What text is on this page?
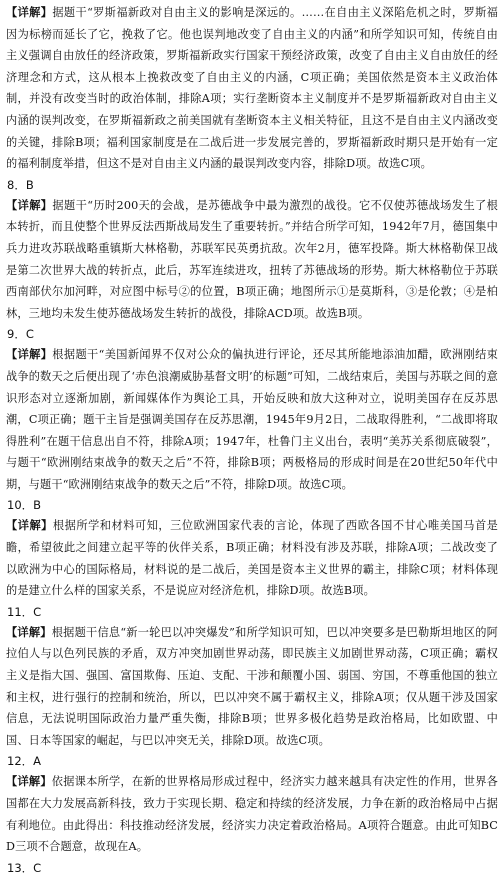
【详解】据题干“罗斯福新政对自由主义的影响是深远的。……在自由主义深陷危机之时，罗斯福因为标榜而延长了它，挽救了它。他也误判地改变了自由主义的内涵”和所学知识可知，传统自由主义强调自由放任的经济政策，罗斯福新政实行国家干预经济政策，改变了自由主义自由放任的经济理念和方式，这从根本上挽救改变了自由主义的内涵，C项正确；美国依然是资本主义政治体制，并没有改变当时的政治体制，排除A项；实行垄断资本主义制度并不是罗斯福新政对自由主义内涵的误判改变，在罗斯福新政之前美国就有垄断资本主义相关特征，且这不是自由主义内涵改变的关键，排除B项；福利国家制度是在二战后进一步发展完善的，罗斯福新政时期只是开始有一定的福利制度举措，但这不是对自由主义内涵的最误判改变内容，排除D项。故选C项。

8．B

【详解】据题干“历时200天的会战，是苏德战争中最为激烈的战役。它不仅使苏德战场发生了根本转折，而且使整个世界反法西斯战局发生了重要转折。”并结合所学可知，1942年7月，德国集中兵力进攻苏联战略重镇斯大林格勒，苏联军民英勇抗敌。次年2月，德军投降。斯大林格勒保卫战是第二次世界大战的转折点，此后，苏军连续进攻，扭转了苏德战场的形势。斯大林格勒位于苏联西南部伏尔加河畔，对应图中标号②的位置，B项正确；地图所示①是莫斯科，③是伦敦；④是柏林，三地均未发生使苏德战场发生转折的战役，排除ACD项。故选B项。

9．C

【详解】根据题干“美国新闻界不仅对公众的偏执进行评论，还尽其所能地添油加醋，欧洲刚结束战争的数天之后便出现了‘赤色浪潮威胁基督文明’的标题”可知，二战结束后，美国与苏联之间的意识形态对立逐渐加剧，新闻媒体作为舆论工具，开始反映和放大这种对立，说明美国存在反苏思潮，C项正确；题干主旨是强调美国存在反苏思潮，1945年9月2日，二战取得胜利，“二战即将取得胜利”在题干信息出自不符，排除A项；1947年，杜鲁门主义出台，表明“美苏关系彻底破裂”，与题干“欧洲刚结束战争的数天之后”不符，排除B项；两极格局的形成时间是在20世纪50年代中期，与题干“欧洲刚结束战争的数天之后”不符，排除D项。故选C项。

10．B

【详解】根据所学和材料可知，三位欧洲国家代表的言论，体现了西欧各国不甘心唯美国马首是瞻，希望彼此之间建立起平等的伙伴关系，B项正确；材料没有涉及苏联，排除A项；二战改变了以欧洲为中心的国际格局，材料说的是二战后，美国是资本主义世界的霸主，排除C项；材料体现的是建立什么样的国家关系，不是说应对经济危机，排除D项。故选B项。

11．C

【详解】根据题干信息“新一轮巴以冲突爆发”和所学知识可知，巴以冲突要多是巴勒斯坦地区的阿拉伯人与以色列民族的矛盾，双方冲突加剧世界动荡，即民族主义加剧世界动荡，C项正确；霸权主义是指大国、强国、富国欺侮、压迫、支配、干涉和颠覆小国、弱国、穷国，不尊重他国的独立和主权，进行强行的控制和统治，所以，巴以冲突不属于霸权主义，排除A项；仅从题干涉及国家信息，无法说明国际政治力量严重失衡，排除B项；世界多极化趋势是政治格局，比如欧盟、中国、日本等国家的崛起，与巴以冲突无关，排除D项。故选C项。

12．A

【详解】依据课本所学，在新的世界格局形成过程中，经济实力越来越具有决定性的作用，世界各国都在大力发展高新科技，致力于实现长期、稳定和持续的经济发展，力争在新的政治格局中占据有利地位。由此得出：科技推动经济发展，经济实力决定着政治格局。A项符合题意。由此可知BCD三项不合题意，故现在A。

13．C
